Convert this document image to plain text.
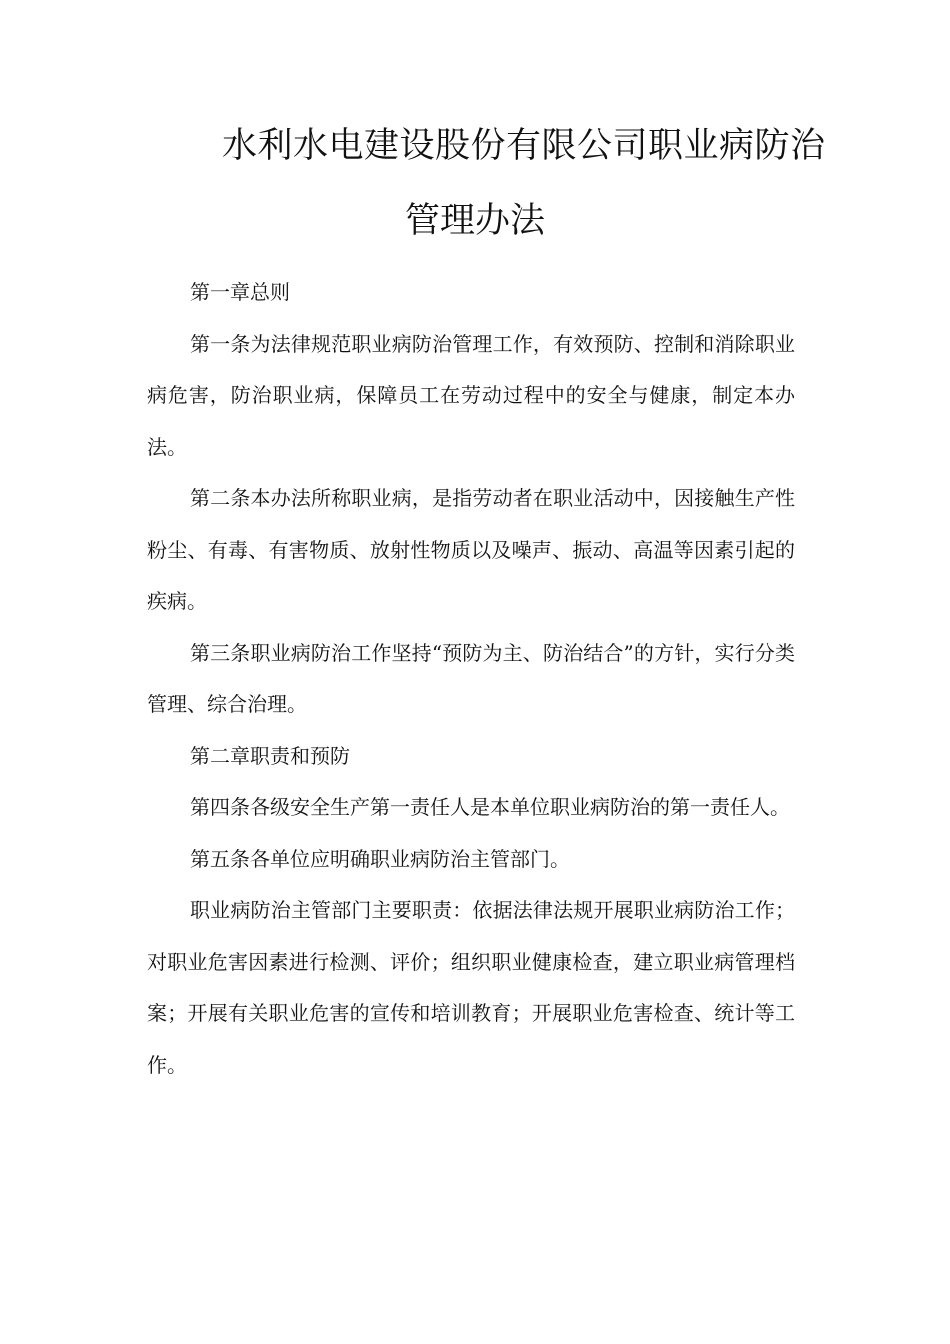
水利水电建设股份有限公司职业病防治
管理办法

第一章总则

第一条为法律规范职业病防治管理工作，有效预防、控制和消除职业病危害，防治职业病，保障员工在劳动过程中的安全与健康，制定本办法。

第二条本办法所称职业病，是指劳动者在职业活动中，因接触生产性粉尘、有毒、有害物质、放射性物质以及噪声、振动、高温等因素引起的疾病。

第三条职业病防治工作坚持“预防为主、防治结合”的方针，实行分类管理、综合治理。

第二章职责和预防

第四条各级安全生产第一责任人是本单位职业病防治的第一责任人。

第五条各单位应明确职业病防治主管部门。

职业病防治主管部门主要职责：依据法律法规开展职业病防治工作；对职业危害因素进行检测、评价；组织职业健康检查，建立职业病管理档案；开展有关职业危害的宣传和培训教育；开展职业危害检查、统计等工作。
